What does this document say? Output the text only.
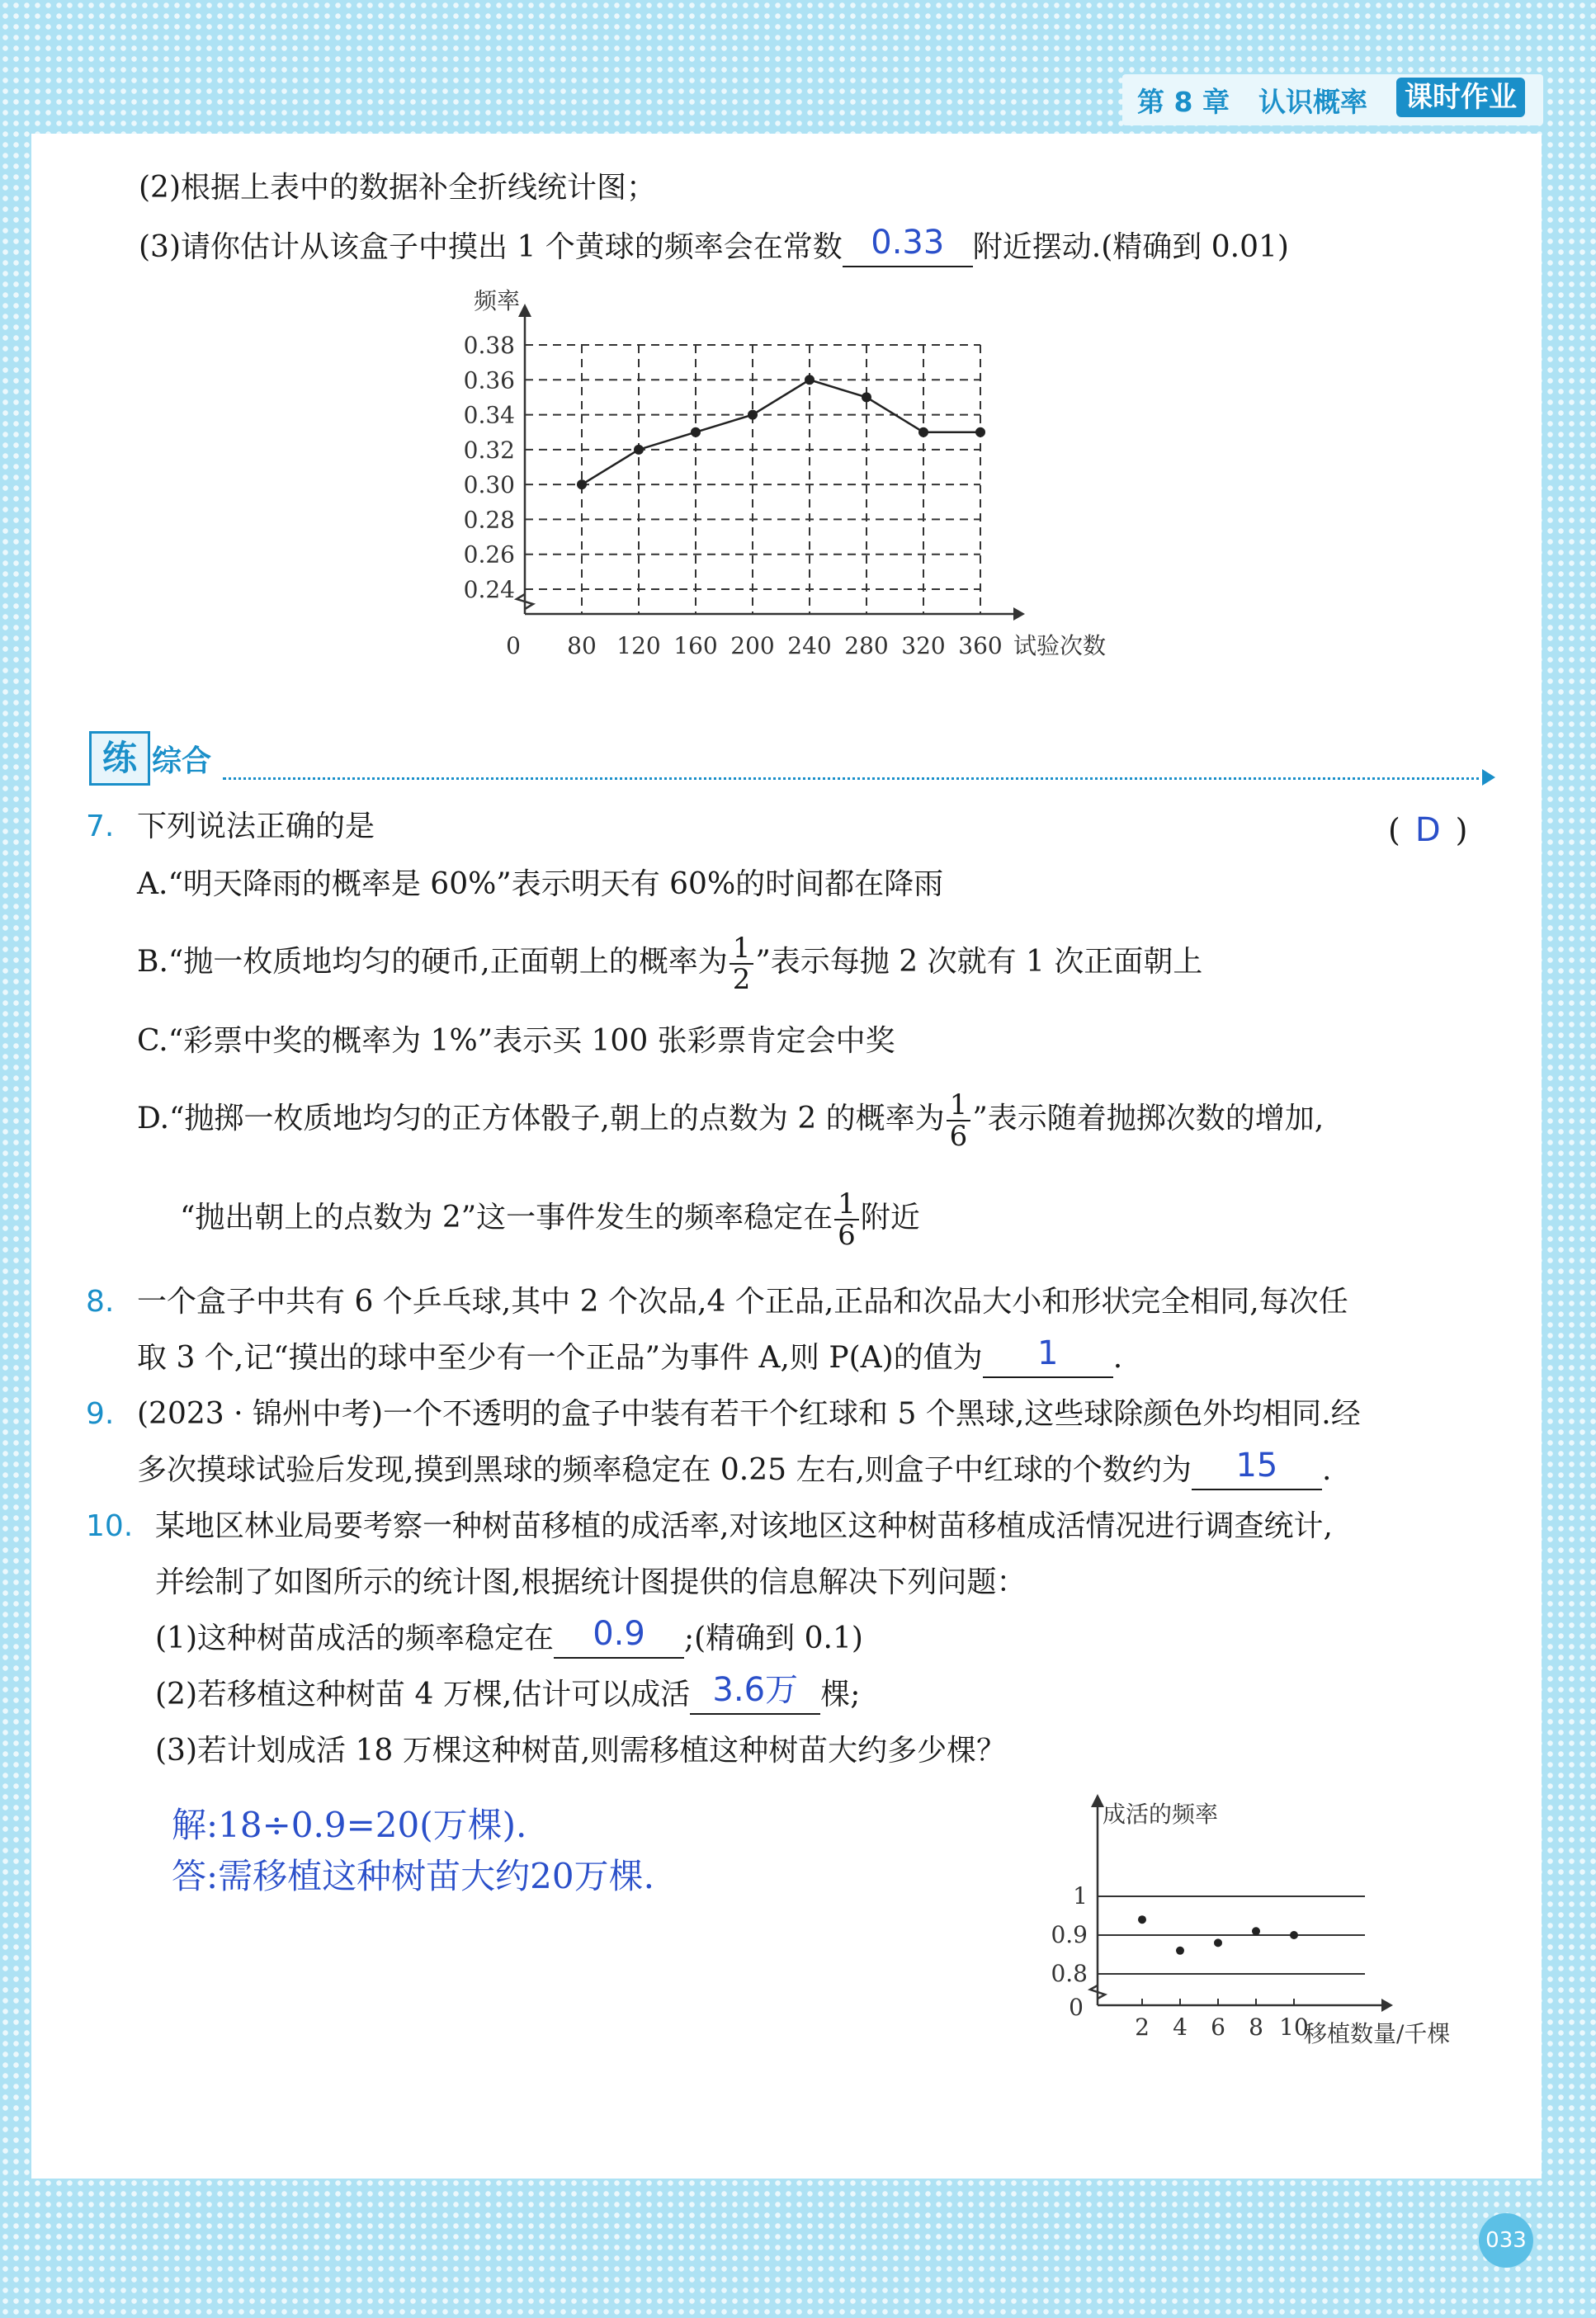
第 8 章 认识概率 课时作业
(2)根据上表中的数据补全折线统计图；
(3)请你估计从该盒子中摸出 1 个黄球的频率会在常数 0.33 附近摆动.(精确到 0.01)
0.24
0.26
0.28
0.30
0.32
0.34
0.36
0.38
80 120 160 200 240 280 320 360
0
频率
试验次数
练 综合
7. 下列说法正确的是	( D )
A.“明天降雨的概率是 60%”表示明天有 60%的时间都在降雨
B.“抛一枚质地均匀的硬币,正面朝上的概率为 $\frac{1}{2}$ ”表示每抛 2 次就有 1 次正面朝上
C.“彩票中奖的概率为 1%”表示买 100 张彩票肯定会中奖
D.“抛掷一枚质地均匀的正方体骰子,朝上的点数为 2 的概率为 $\frac{1}{6}$ ”表示随着抛掷次数的增加,
“抛出朝上的点数为 2”这一事件发生的频率稳定在 $\frac{1}{6}$ 附近
8. 一个盒子中共有 6 个乒乓球,其中 2 个次品,4 个正品,正品和次品大小和形状完全相同,每次任
取 3 个,记“摸出的球中至少有一个正品”为事件 A,则 P(A)的值为	1	.
9. (2023 · 锦州中考)一个不透明的盒子中装有若干个红球和 5 个黑球,这些球除颜色外均相同.经
多次摸球试验后发现,摸到黑球的频率稳定在 0.25 左右,则盒子中红球的个数约为	15	.
10. 某地区林业局要考察一种树苗移植的成活率,对该地区这种树苗移植成活情况进行调查统计,
并绘制了如图所示的统计图,根据统计图提供的信息解决下列问题：
(1)这种树苗成活的频率稳定在	0.9	;(精确到 0.1)
(2)若移植这种树苗 4 万棵,估计可以成活 3.6万 棵;
(3)若计划成活 18 万棵这种树苗,则需移植这种树苗大约多少棵？
解:18÷0.9=20(万棵).
答:需移植这种树苗大约20万棵.
0.8
0.9
1
0
成活的频率
移植数量/千棵
2 4 6 8 10
033
